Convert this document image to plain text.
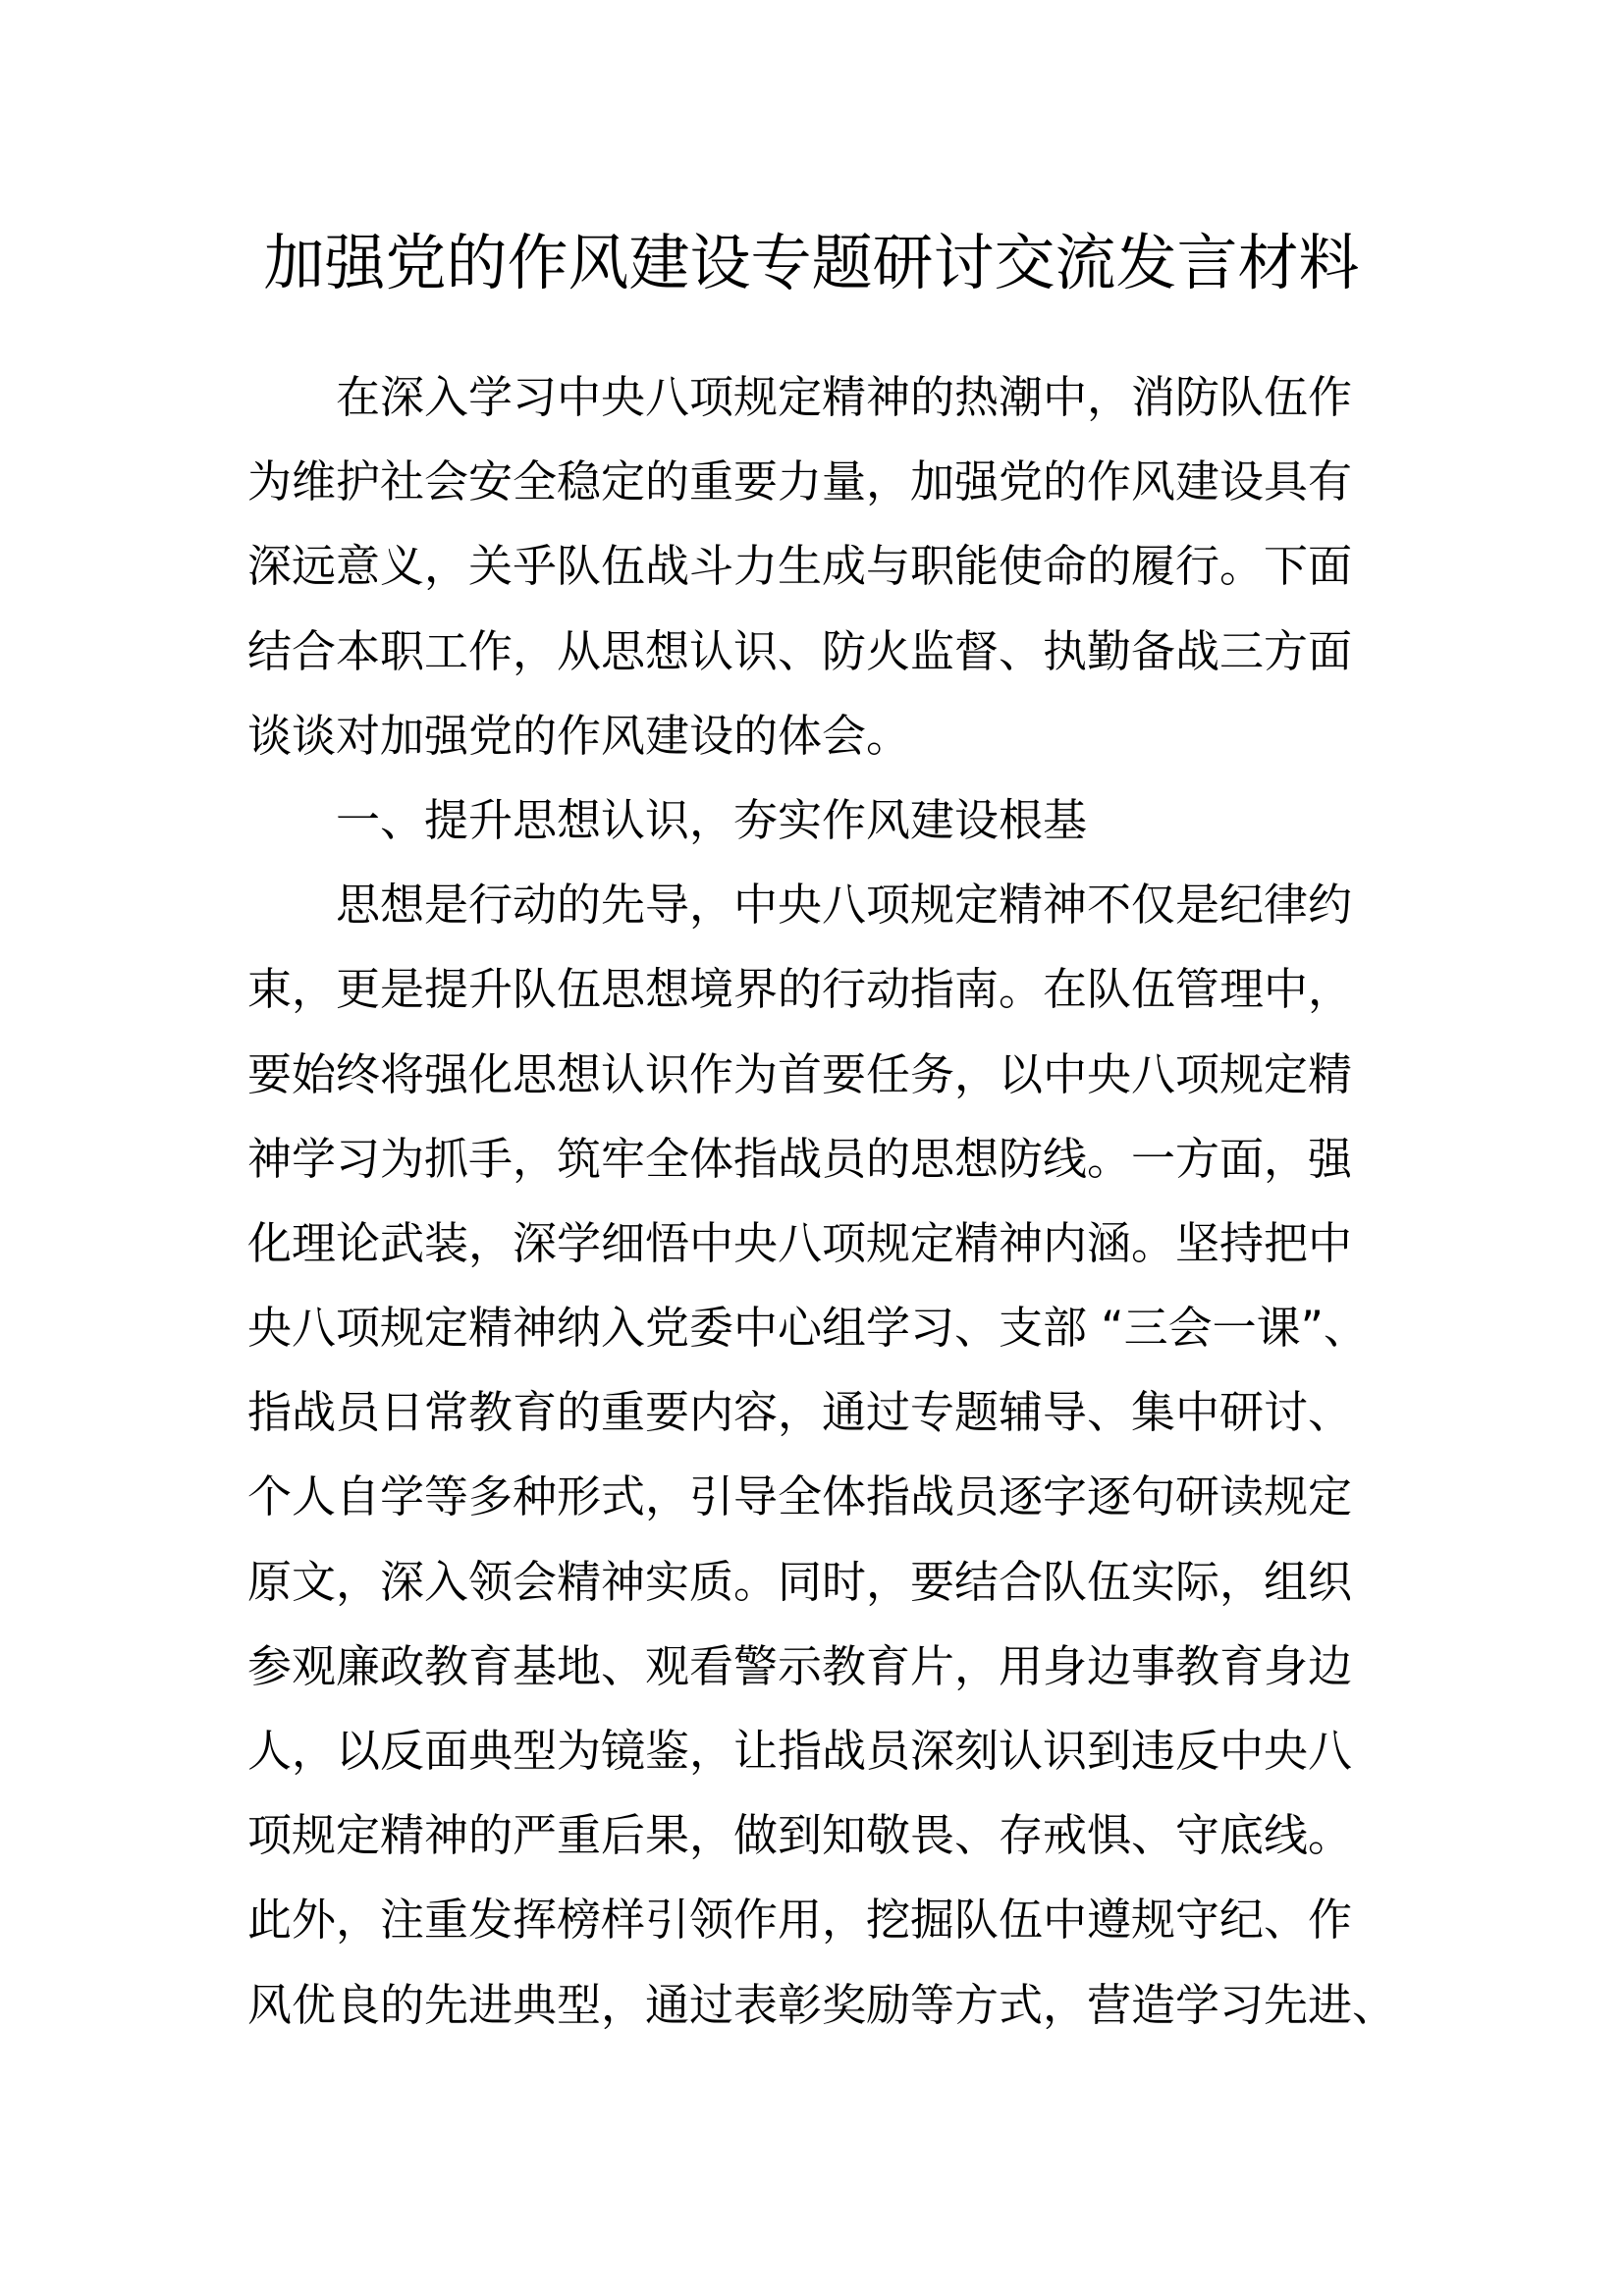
加强党的作风建设专题研讨交流发言材料
在深入学习中央八项规定精神的热潮中，消防队伍作
为维护社会安全稳定的重要力量，加强党的作风建设具有
深远意义，关乎队伍战斗力生成与职能使命的履行。下面
结合本职工作，从思想认识、防火监督、执勤备战三方面
谈谈对加强党的作风建设的体会。
一、提升思想认识，夯实作风建设根基
思想是行动的先导，中央八项规定精神不仅是纪律约
束，更是提升队伍思想境界的行动指南。在队伍管理中，
要始终将强化思想认识作为首要任务，以中央八项规定精
神学习为抓手，筑牢全体指战员的思想防线。一方面，强
化理论武装，深学细悟中央八项规定精神内涵。坚持把中
央八项规定精神纳入党委中心组学习、支部 “三会一课”、
指战员日常教育的重要内容，通过专题辅导、集中研讨、
个人自学等多种形式，引导全体指战员逐字逐句研读规定
原文，深入领会精神实质。同时，要结合队伍实际，组织
参观廉政教育基地、观看警示教育片，用身边事教育身边
人，以反面典型为镜鉴，让指战员深刻认识到违反中央八
项规定精神的严重后果，做到知敬畏、存戒惧、守底线。
此外，注重发挥榜样引领作用，挖掘队伍中遵规守纪、作
风优良的先进典型，通过表彰奖励等方式，营造学习先进、
